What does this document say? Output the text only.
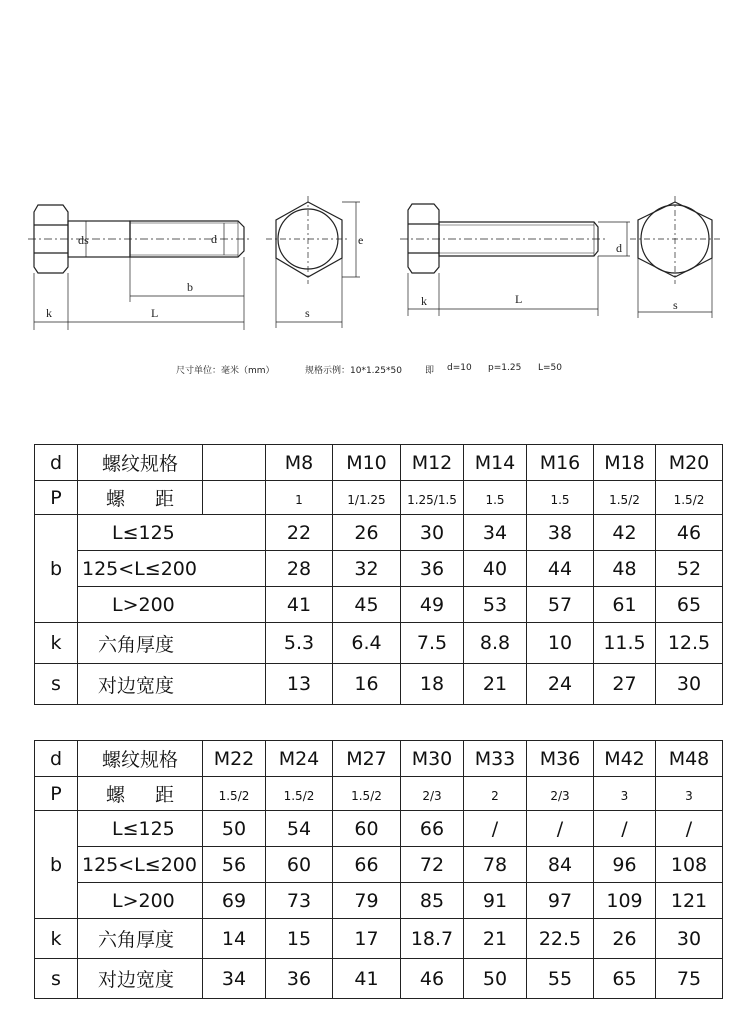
ds	d
b
k	L
e
s
d
k	L	s
尺寸单位：毫米（mm）	规格示例：10*1.25*50	即 d=10 p=1.25 L=50
d	螺纹规格		M8	M10	M12	M14	M16	M18	M20
P	螺 距		1	1/1.25	1.25/1.5	1.5	1.5	1.5/2	1.5/2
b	L≤125		22	26	30	34	38	42	46
	125<L≤200		28	32	36	40	44	48	52
	L>200		41	45	49	53	57	61	65
k	六角厚度		5.3	6.4	7.5	8.8	10	11.5	12.5
s	对边宽度		13	16	18	21	24	27	30
d	螺纹规格	M22	M24	M27	M30	M33	M36	M42	M48
P	螺 距	1.5/2	1.5/2	1.5/2	2/3	2	2/3	3	3
b	L≤125	50	54	60	66	/	/	/	/
	125<L≤200	56	60	66	72	78	84	96	108
	L>200	69	73	79	85	91	97	109	121
k	六角厚度	14	15	17	18.7	21	22.5	26	30
s	对边宽度	34	36	41	46	50	55	65	75
